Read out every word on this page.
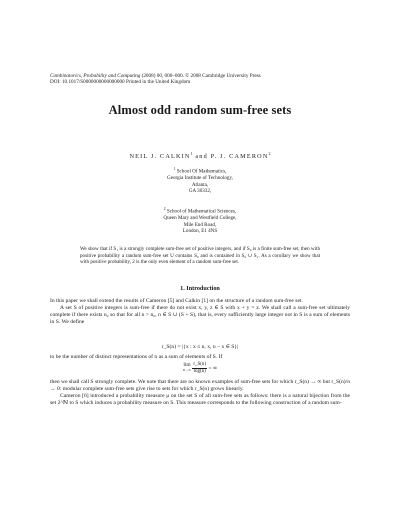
Combinatorics, Probability and Computing (2008) 00, 000–000. © 2008 Cambridge University Press
DOI: 10.1017/S0000000000000000 Printed in the United Kingdom
Almost odd random sum-free sets
NEIL J. CALKIN$^1$ and P. J. CAMERON$^2$
$^1$ School Of Mathematics,
Georgia Institute of Technology,
Atlanta,
GA 30332,
$^2$ School of Mathematical Sciences,
Queen Mary and Westfield College,
Mile End Road,
London, E1 4NS
We show that if S₁ is a strongly complete sum-free set of positive integers, and if S₀ is a finite sum-free set, then with positive probability a random sum-free set U contains S₀ and is contained in S₀ ∪ S₁. As a corollary we show that with positive probability, 2 is the only even element of a random sum-free set.
1. Introduction

In this paper we shall extend the results of Cameron [5] and Calkin [1] on the structure of a random sum-free set.

A set S of positive integers is sum-free if there do not exist x, y, z ∈ S with x + y = z. We shall call a sum-free set ultimately complete if there exists n₀ so that for all n > n₀, n ∈ S ∪ (S + S), that is, every sufficiently large integer not in S is a sum of elements in S. We define

r_S(n) = |{x : x ≤ n, x, n − x ∈ S}|

to be the number of distinct representations of n as a sum of elements of S. If

lim
n→∞
$\frac{r\_S(n)}{\log(n)}$ = ∞

then we shall call S strongly complete. We note that there are no known examples of sum-free sets for which r_S(n) → ∞ but r_S(n)/n → 0: modular complete sum-free sets give rise to sets for which r_S(n) grows linearly.

Cameron [6] introduced a probability measure μ on the set S of all sum-free sets as follows: there is a natural bijection from the set 2^ℕ to S which induces a probability measure on S. This measure corresponds to the following construction of a random sum-
